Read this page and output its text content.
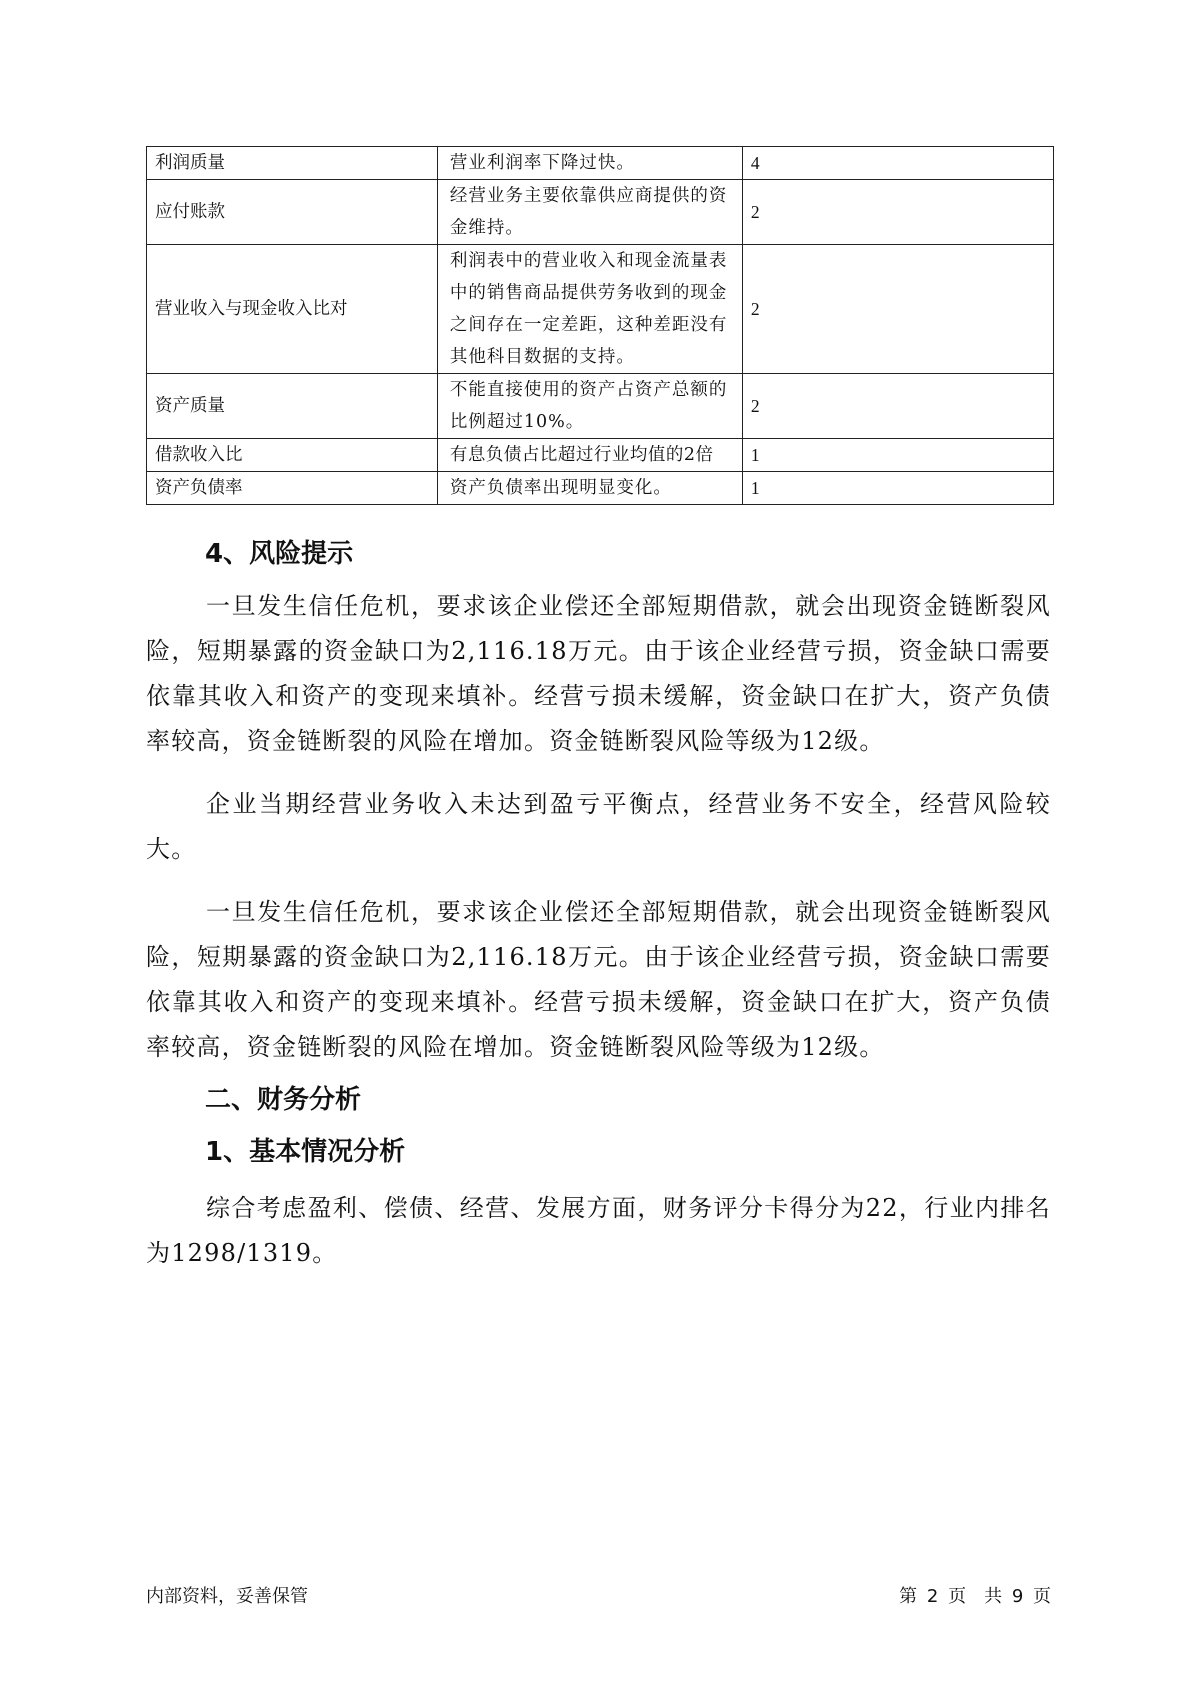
利润质量	营业利润率下降过快。	4
应付账款	经营业务主要依靠供应商提供的资金维持。	2
营业收入与现金收入比对	利润表中的营业收入和现金流量表中的销售商品提供劳务收到的现金之间存在一定差距，这种差距没有其他科目数据的支持。	2
资产质量	不能直接使用的资产占资产总额的比例超过10%。	2
借款收入比	有息负债占比超过行业均值的2倍	1
资产负债率	资产负债率出现明显变化。	1
4、风险提示

一旦发生信任危机，要求该企业偿还全部短期借款，就会出现资金链断裂风险，短期暴露的资金缺口为2,116.18万元。由于该企业经营亏损，资金缺口需要依靠其收入和资产的变现来填补。经营亏损未缓解，资金缺口在扩大，资产负债率较高，资金链断裂的风险在增加。资金链断裂风险等级为12级。

企业当期经营业务收入未达到盈亏平衡点，经营业务不安全，经营风险较大。

一旦发生信任危机，要求该企业偿还全部短期借款，就会出现资金链断裂风险，短期暴露的资金缺口为2,116.18万元。由于该企业经营亏损，资金缺口需要依靠其收入和资产的变现来填补。经营亏损未缓解，资金缺口在扩大，资产负债率较高，资金链断裂的风险在增加。资金链断裂风险等级为12级。

二、财务分析
1、基本情况分析

综合考虑盈利、偿债、经营、发展方面，财务评分卡得分为22，行业内排名为1298/1319。

内部资料，妥善保管	第 2 页　共 9 页
